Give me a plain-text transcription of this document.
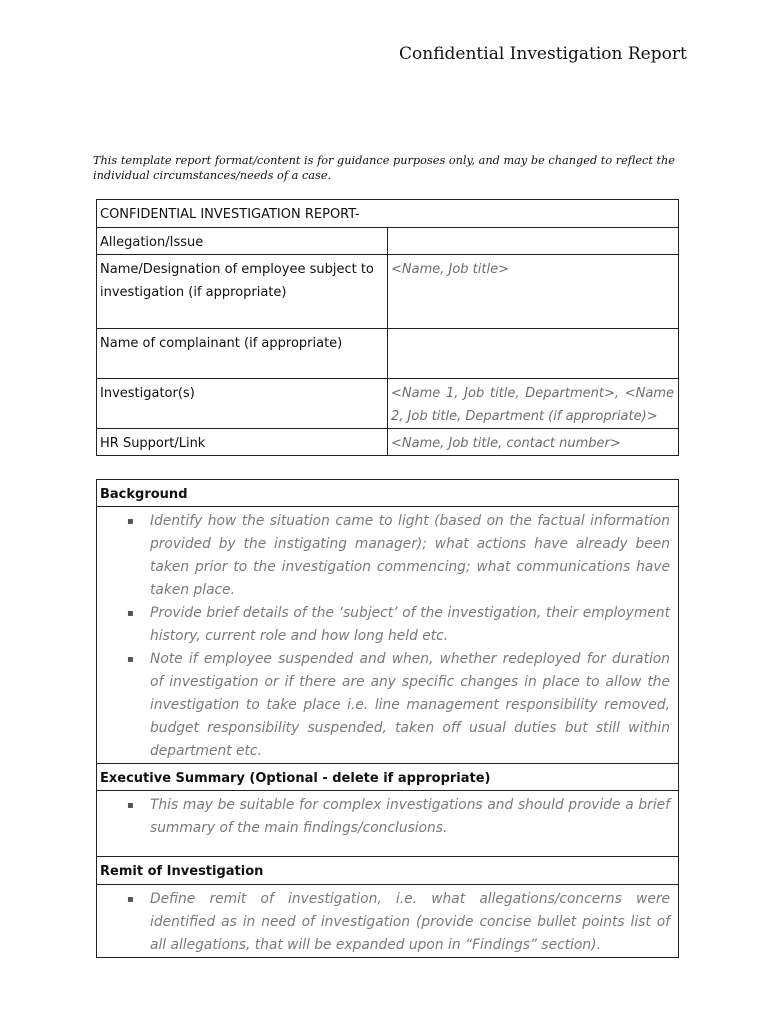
Confidential Investigation Report
This template report format/content is for guidance purposes only, and may be changed to reflect the individual circumstances/needs of a case.
CONFIDENTIAL INVESTIGATION REPORT-	
Allegation/Issue	
Name/Designation of employee subject to investigation (if appropriate)	<Name, Job title>
Name of complainant (if appropriate)	
Investigator(s)	<Name 1, Job title, Department>, <Name 2, Job title, Department (if appropriate)>
HR Support/Link	<Name, Job title, contact number>
Background

▪ Identify how the situation came to light (based on the factual information provided by the instigating manager); what actions have already been taken prior to the investigation commencing; what communications have taken place.
▪ Provide brief details of the ‘subject’ of the investigation, their employment history, current role and how long held etc.
▪ Note if employee suspended and when, whether redeployed for duration of investigation or if there are any specific changes in place to allow the investigation to take place i.e. line management responsibility removed, budget responsibility suspended, taken off usual duties but still within department etc.

Executive Summary (Optional - delete if appropriate)

▪ This may be suitable for complex investigations and should provide a brief summary of the main findings/conclusions.

Remit of Investigation

▪ Define remit of investigation, i.e. what allegations/concerns were identified as in need of investigation (provide concise bullet points list of all allegations, that will be expanded upon in “Findings” section).
